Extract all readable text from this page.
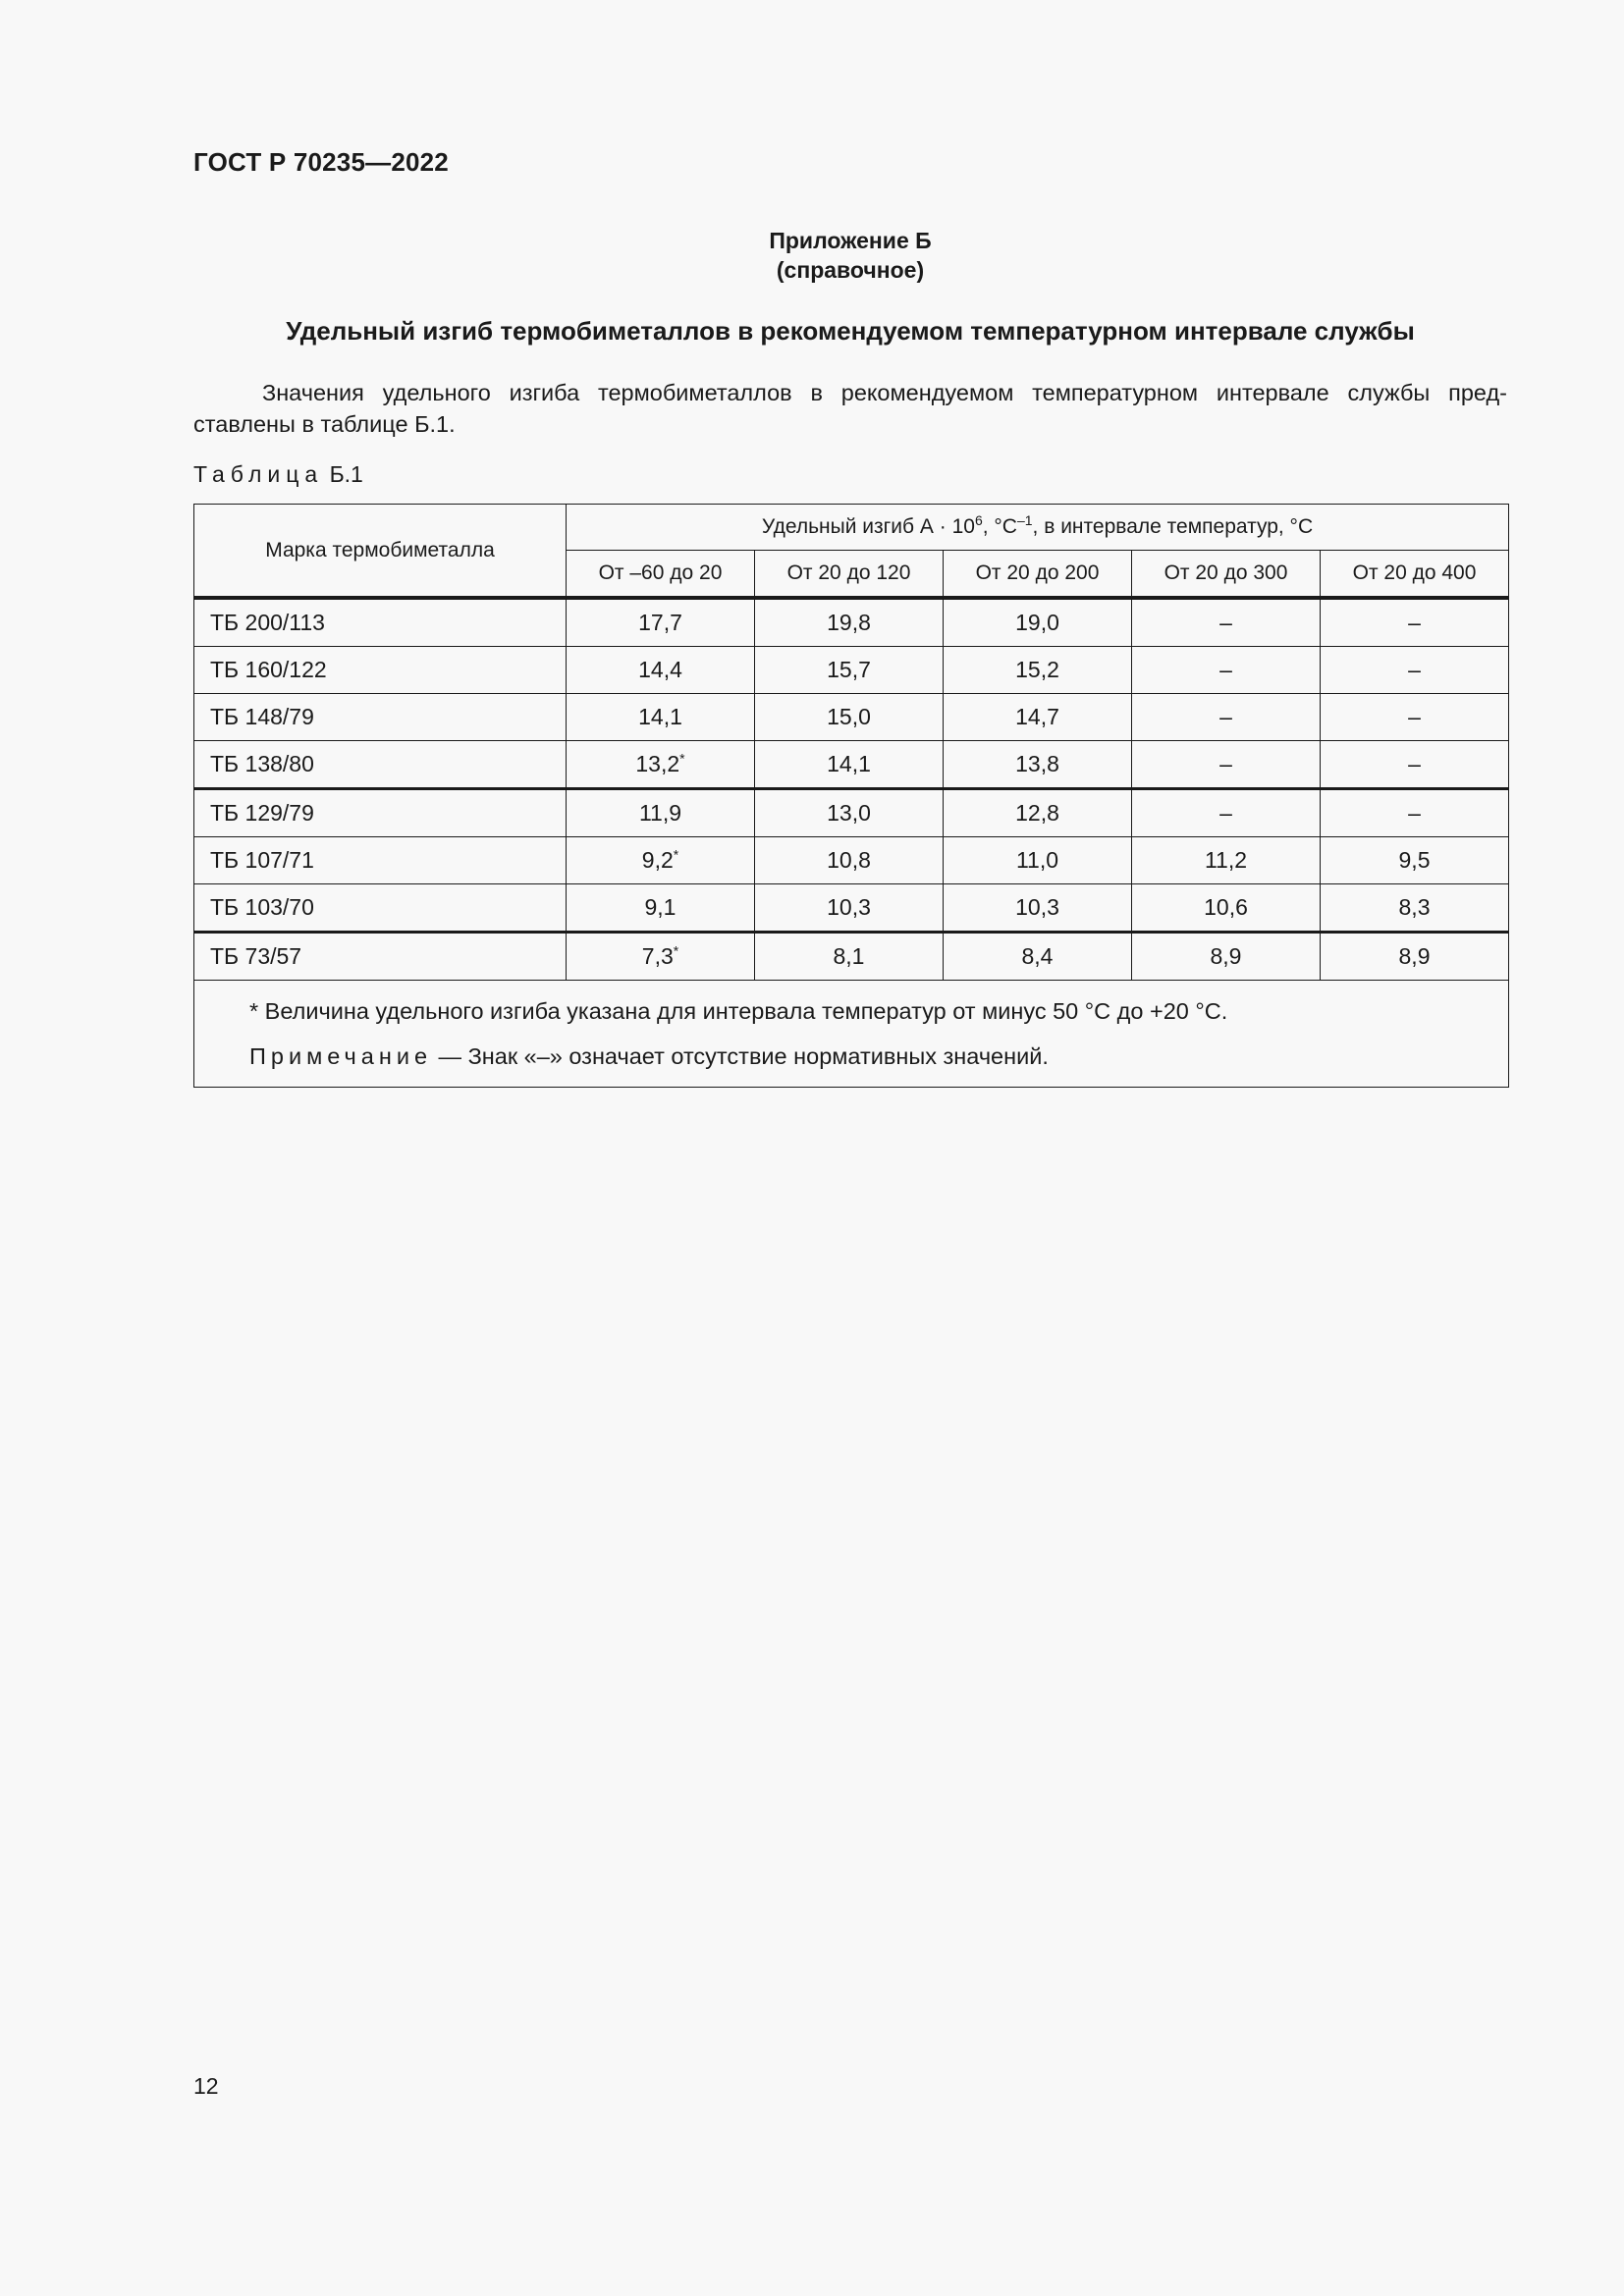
ГОСТ Р 70235—2022
Приложение Б
(справочное)
Удельный изгиб термобиметаллов в рекомендуемом температурном интервале службы
Значения удельного изгиба термобиметаллов в рекомендуемом температурном интервале службы пред-
ставлены в таблице Б.1.
Таблица Б.1
Марка термобиметалла	Удельный изгиб $А \cdot 10^6$, $^\circ С^{-1}$, в интервале температур, °С				
	От –60 до 20	От 20 до 120	От 20 до 200	От 20 до 300	От 20 до 400
ТБ 200/113	17,7	19,8	19,0	–	–
ТБ 160/122	14,4	15,7	15,2	–	–
ТБ 148/79	14,1	15,0	14,7	–	–
ТБ 138/80	13,2*	14,1	13,8	–	–
ТБ 129/79	11,9	13,0	12,8	–	–
ТБ 107/71	9,2*	10,8	11,0	11,2	9,5
ТБ 103/70	9,1	10,3	10,3	10,6	8,3
ТБ 73/57	7,3*	8,1	8,4	8,9	8,9

* Величина удельного изгиба указана для интервала температур от минус 50 °С до +20 °С.
Примечание — Знак «–» означает отсутствие нормативных значений.					
12
